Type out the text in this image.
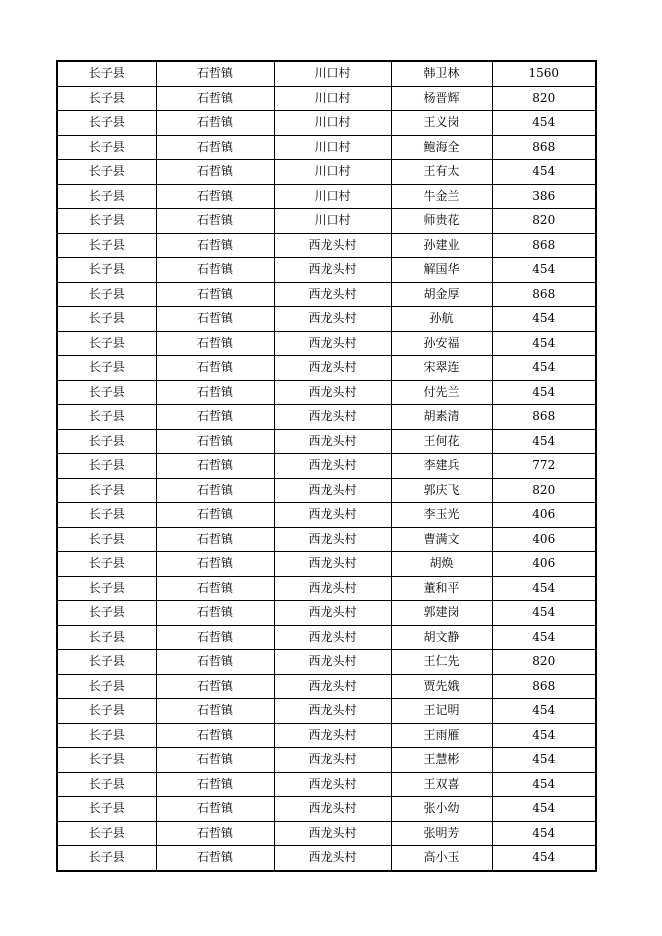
长子县	石哲镇	川口村	韩卫林	1560
长子县	石哲镇	川口村	杨晋辉	820
长子县	石哲镇	川口村	王义岗	454
长子县	石哲镇	川口村	鲍海全	868
长子县	石哲镇	川口村	王有太	454
长子县	石哲镇	川口村	牛金兰	386
长子县	石哲镇	川口村	师贵花	820
长子县	石哲镇	西龙头村	孙建业	868
长子县	石哲镇	西龙头村	解国华	454
长子县	石哲镇	西龙头村	胡金厚	868
长子县	石哲镇	西龙头村	孙航	454
长子县	石哲镇	西龙头村	孙安福	454
长子县	石哲镇	西龙头村	宋翠连	454
长子县	石哲镇	西龙头村	付先兰	454
长子县	石哲镇	西龙头村	胡素清	868
长子县	石哲镇	西龙头村	王何花	454
长子县	石哲镇	西龙头村	李建兵	772
长子县	石哲镇	西龙头村	郭庆飞	820
长子县	石哲镇	西龙头村	李玉光	406
长子县	石哲镇	西龙头村	曹满文	406
长子县	石哲镇	西龙头村	胡焕	406
长子县	石哲镇	西龙头村	董和平	454
长子县	石哲镇	西龙头村	郭建岗	454
长子县	石哲镇	西龙头村	胡文静	454
长子县	石哲镇	西龙头村	王仁先	820
长子县	石哲镇	西龙头村	贾先娥	868
长子县	石哲镇	西龙头村	王记明	454
长子县	石哲镇	西龙头村	王雨雁	454
长子县	石哲镇	西龙头村	王慧彬	454
长子县	石哲镇	西龙头村	王双喜	454
长子县	石哲镇	西龙头村	张小幼	454
长子县	石哲镇	西龙头村	张明芳	454
长子县	石哲镇	西龙头村	高小玉	454
